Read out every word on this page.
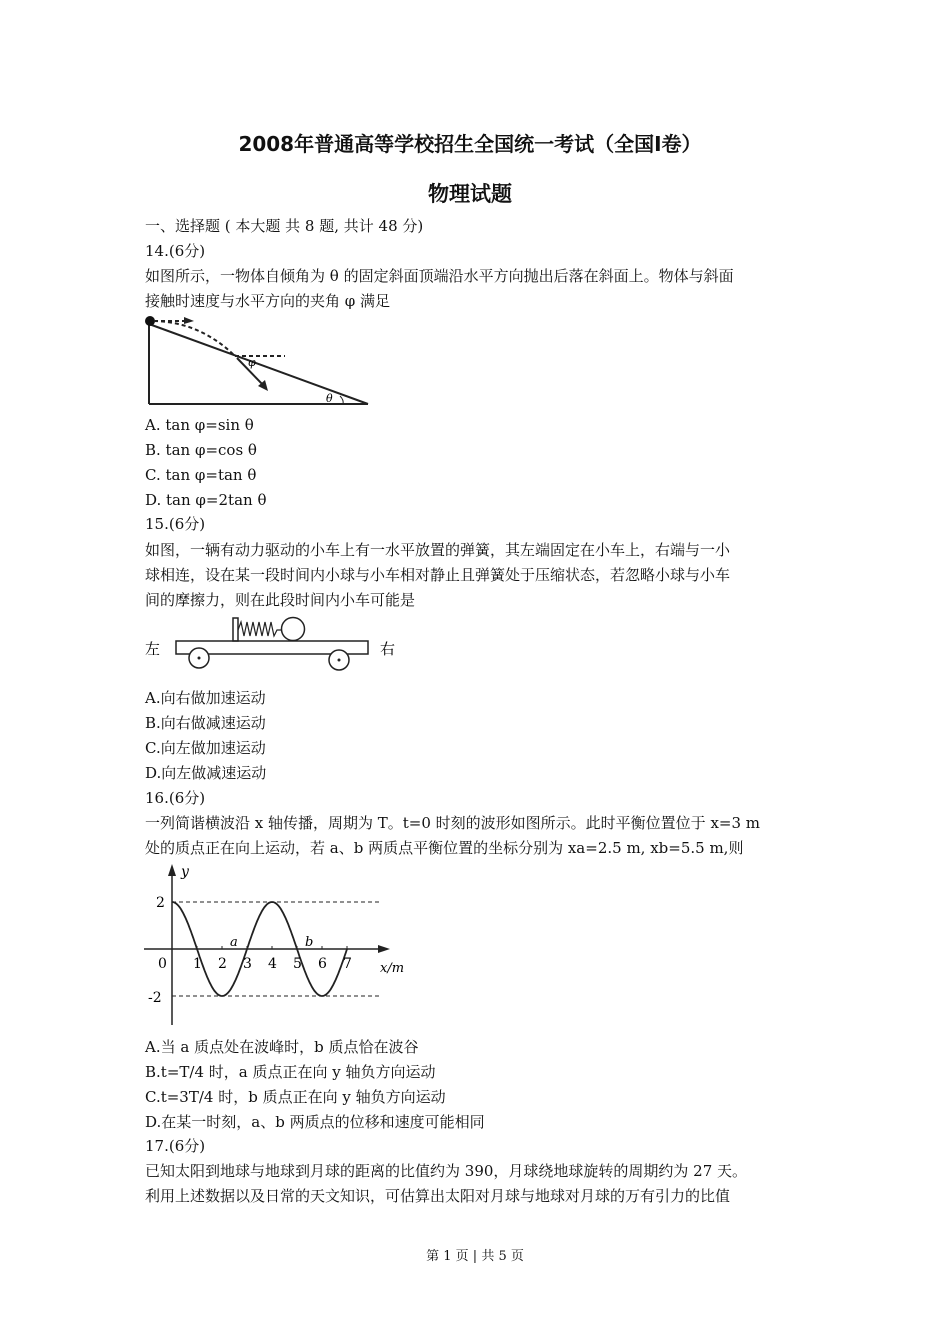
2008年普通高等学校招生全国统一考试（全国Ⅰ卷）
物理试题
一、选择题 ( 本大题 共 8 题, 共计 48 分)
14.(6分)
如图所示，一物体自倾角为 θ 的固定斜面顶端沿水平方向抛出后落在斜面上。物体与斜面
接触时速度与水平方向的夹角 φ 满足
φ
θ
A. tan φ=sin θ
B. tan φ=cos θ
C. tan φ=tan θ
D. tan φ=2tan θ
15.(6分)
如图，一辆有动力驱动的小车上有一水平放置的弹簧，其左端固定在小车上，右端与一小
球相连，设在某一段时间内小球与小车相对静止且弹簧处于压缩状态，若忽略小球与小车
间的摩擦力，则在此段时间内小车可能是
左	右
A.向右做加速运动
B.向右做减速运动
C.向左做加速运动
D.向左做减速运动
16.(6分)
一列简谐横波沿 x 轴传播，周期为 T。t=0 时刻的波形如图所示。此时平衡位置位于 x=3 m
处的质点正在向上运动，若 a、b 两质点平衡位置的坐标分别为 xa=2.5 m, xb=5.5 m,则
y
x/m
0
2
-2
1 2 3 4 5 6 7
a	b
A.当 a 质点处在波峰时，b 质点恰在波谷
B.t=T/4 时，a 质点正在向 y 轴负方向运动
C.t=3T/4 时，b 质点正在向 y 轴负方向运动
D.在某一时刻，a、b 两质点的位移和速度可能相同
17.(6分)
已知太阳到地球与地球到月球的距离的比值约为 390，月球绕地球旋转的周期约为 27 天。
利用上述数据以及日常的天文知识，可估算出太阳对月球与地球对月球的万有引力的比值
第 1 页 | 共 5 页
